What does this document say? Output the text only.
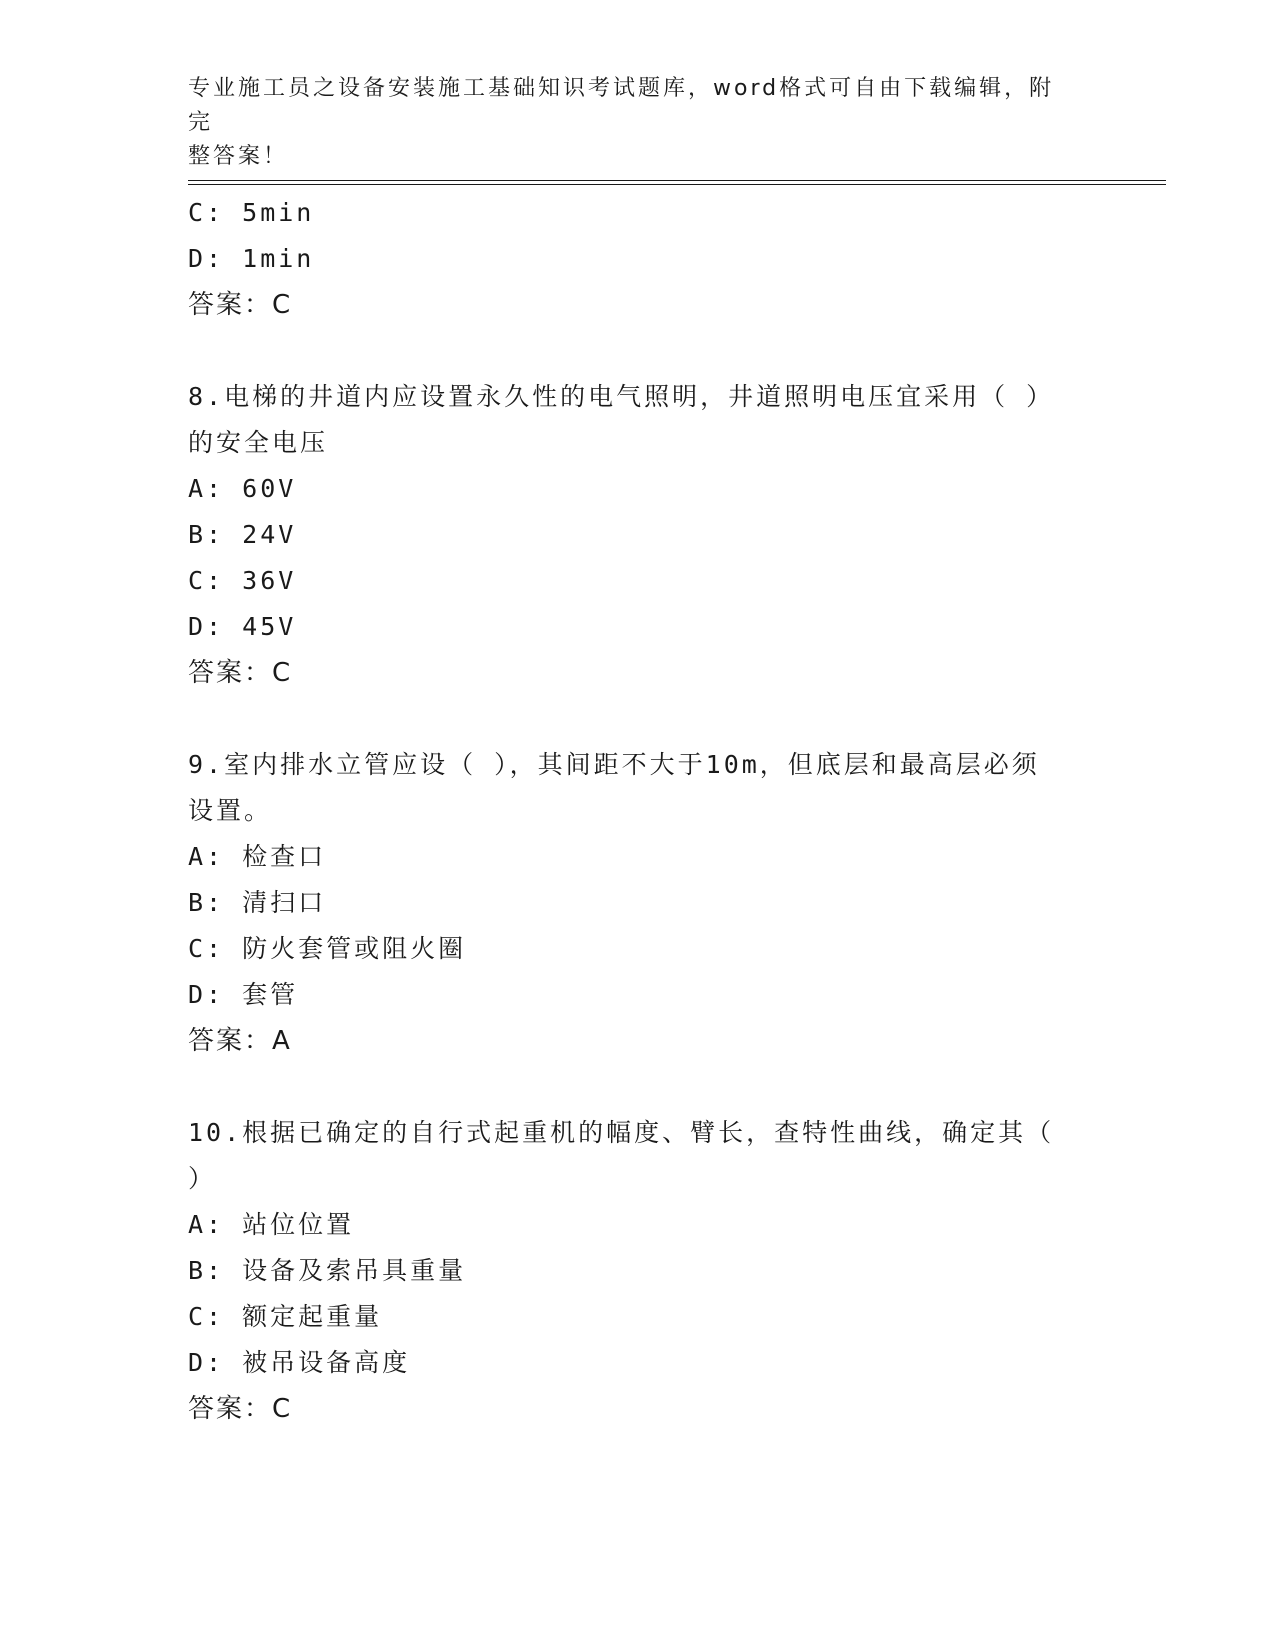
专业施工员之设备安装施工基础知识考试题库，word格式可自由下载编辑，附完
整答案！
C: 5min
D: 1min
答案：C
8.电梯的井道内应设置永久性的电气照明，井道照明电压宜采用（ ）
的安全电压
A: 60V
B: 24V
C: 36V
D: 45V
答案：C
9.室内排水立管应设（ ），其间距不大于10m，但底层和最高层必须
设置。
A: 检查口
B: 清扫口
C: 防火套管或阻火圈
D: 套管
答案：A
10.根据已确定的自行式起重机的幅度、臂长，查特性曲线，确定其（
）
A: 站位位置
B: 设备及索吊具重量
C: 额定起重量
D: 被吊设备高度
答案：C
